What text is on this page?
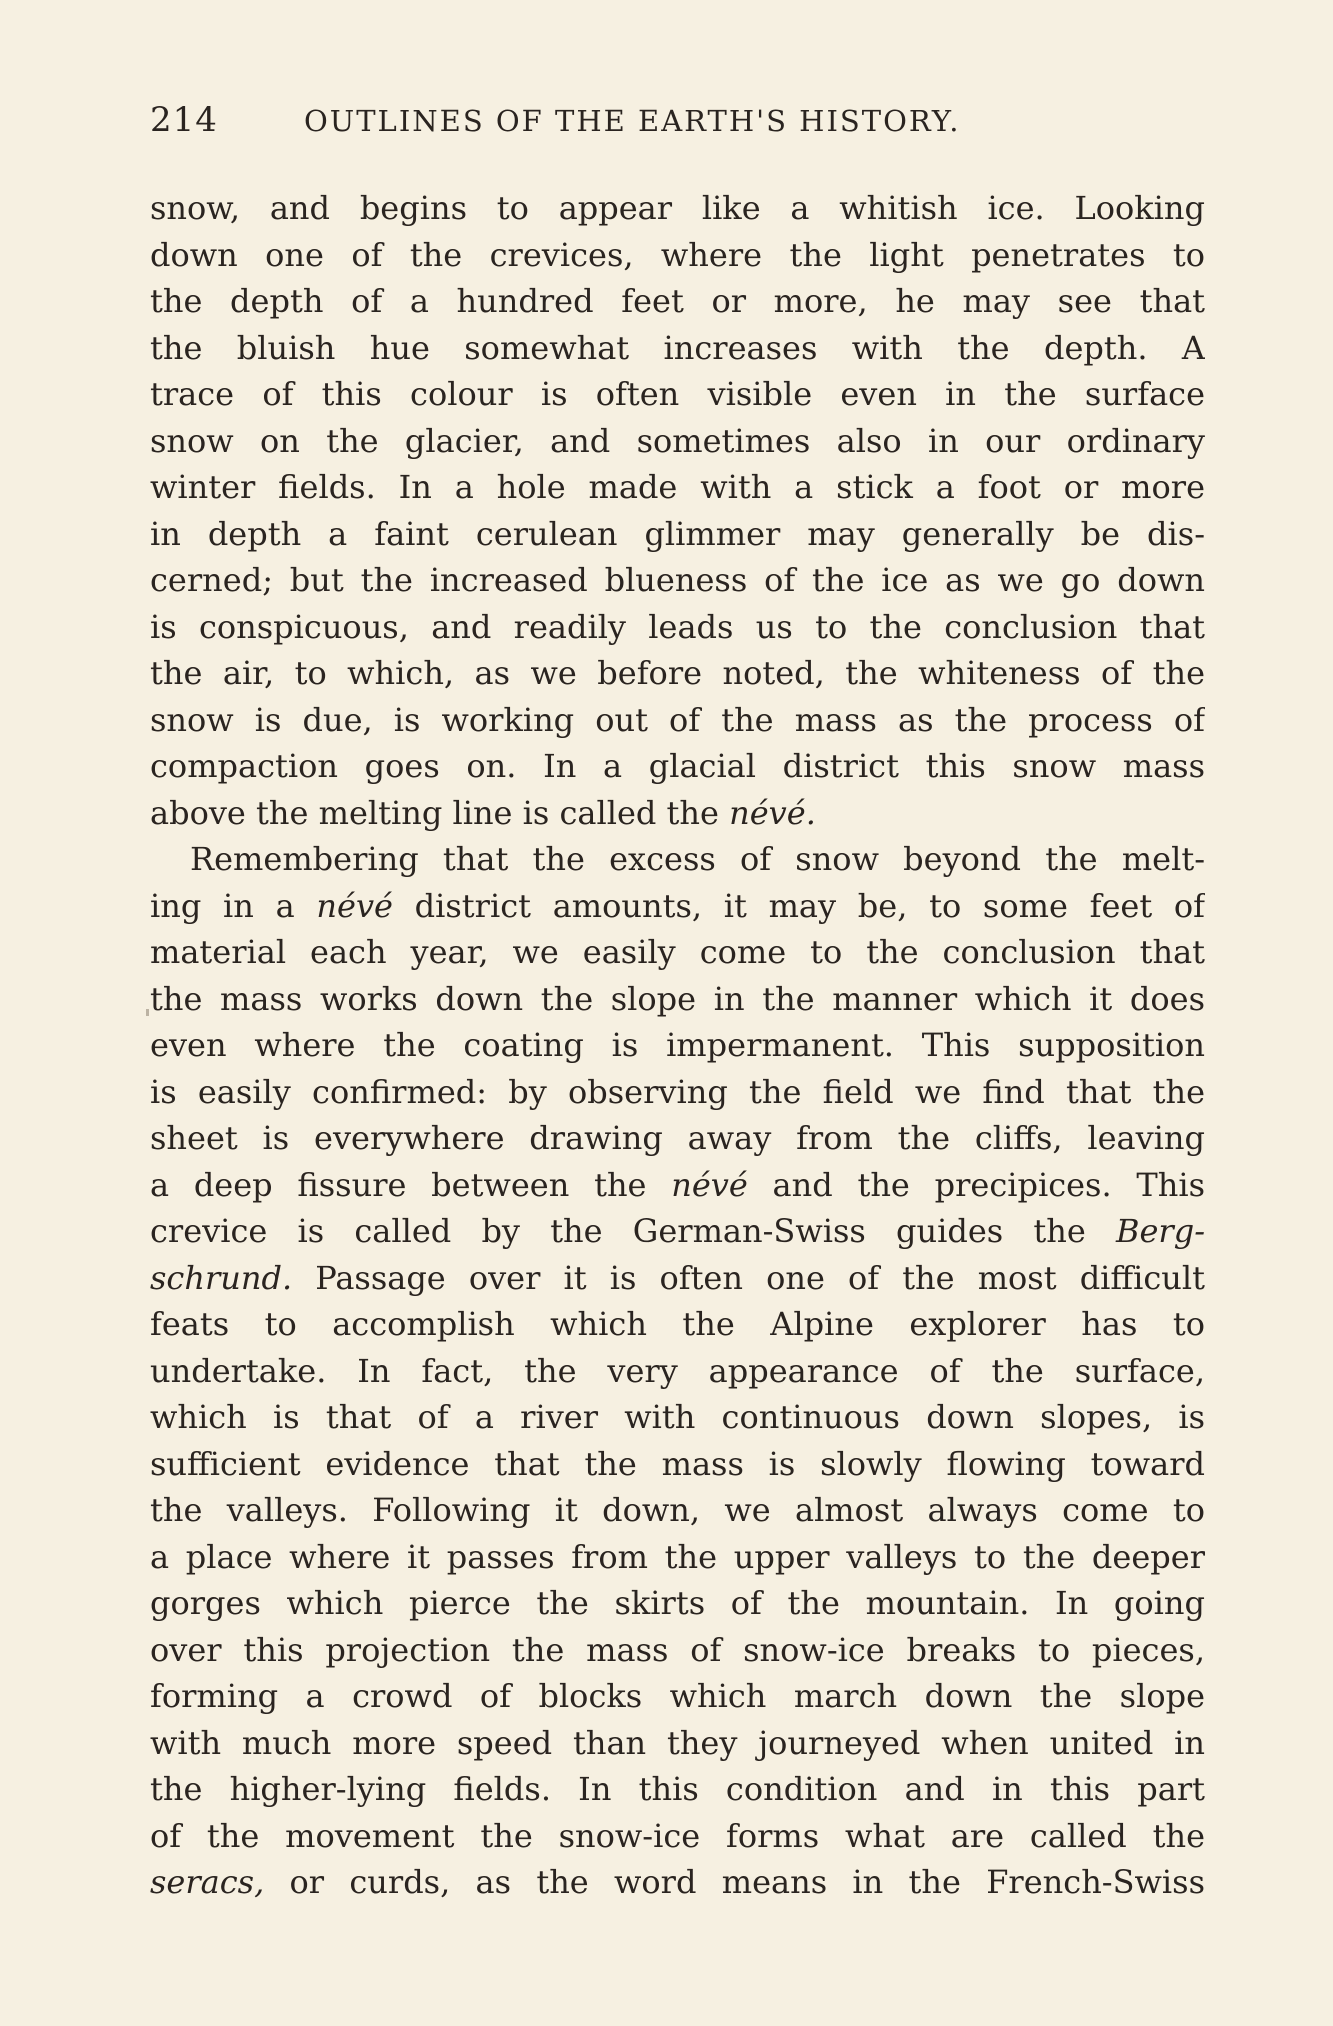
214	OUTLINES OF THE EARTH'S HISTORY.
snow, and begins to appear like a whitish ice. Looking
down one of the crevices, where the light penetrates to
the depth of a hundred feet or more, he may see that
the bluish hue somewhat increases with the depth. A
trace of this colour is often visible even in the surface
snow on the glacier, and sometimes also in our ordinary
winter fields. In a hole made with a stick a foot or more
in depth a faint cerulean glimmer may generally be dis-
cerned; but the increased blueness of the ice as we go down
is conspicuous, and readily leads us to the conclusion that
the air, to which, as we before noted, the whiteness of the
snow is due, is working out of the mass as the process of
compaction goes on. In a glacial district this snow mass
above the melting line is called the névé.
Remembering that the excess of snow beyond the melt-
ing in a névé district amounts, it may be, to some feet of
material each year, we easily come to the conclusion that
the mass works down the slope in the manner which it does
even where the coating is impermanent. This supposition
is easily confirmed: by observing the field we find that the
sheet is everywhere drawing away from the cliffs, leaving
a deep fissure between the névé and the precipices. This
crevice is called by the German-Swiss guides the Berg-
schrund. Passage over it is often one of the most difficult
feats to accomplish which the Alpine explorer has to
undertake. In fact, the very appearance of the surface,
which is that of a river with continuous down slopes, is
sufficient evidence that the mass is slowly flowing toward
the valleys. Following it down, we almost always come to
a place where it passes from the upper valleys to the deeper
gorges which pierce the skirts of the mountain. In going
over this projection the mass of snow-ice breaks to pieces,
forming a crowd of blocks which march down the slope
with much more speed than they journeyed when united in
the higher-lying fields. In this condition and in this part
of the movement the snow-ice forms what are called the
seracs, or curds, as the word means in the French-Swiss
